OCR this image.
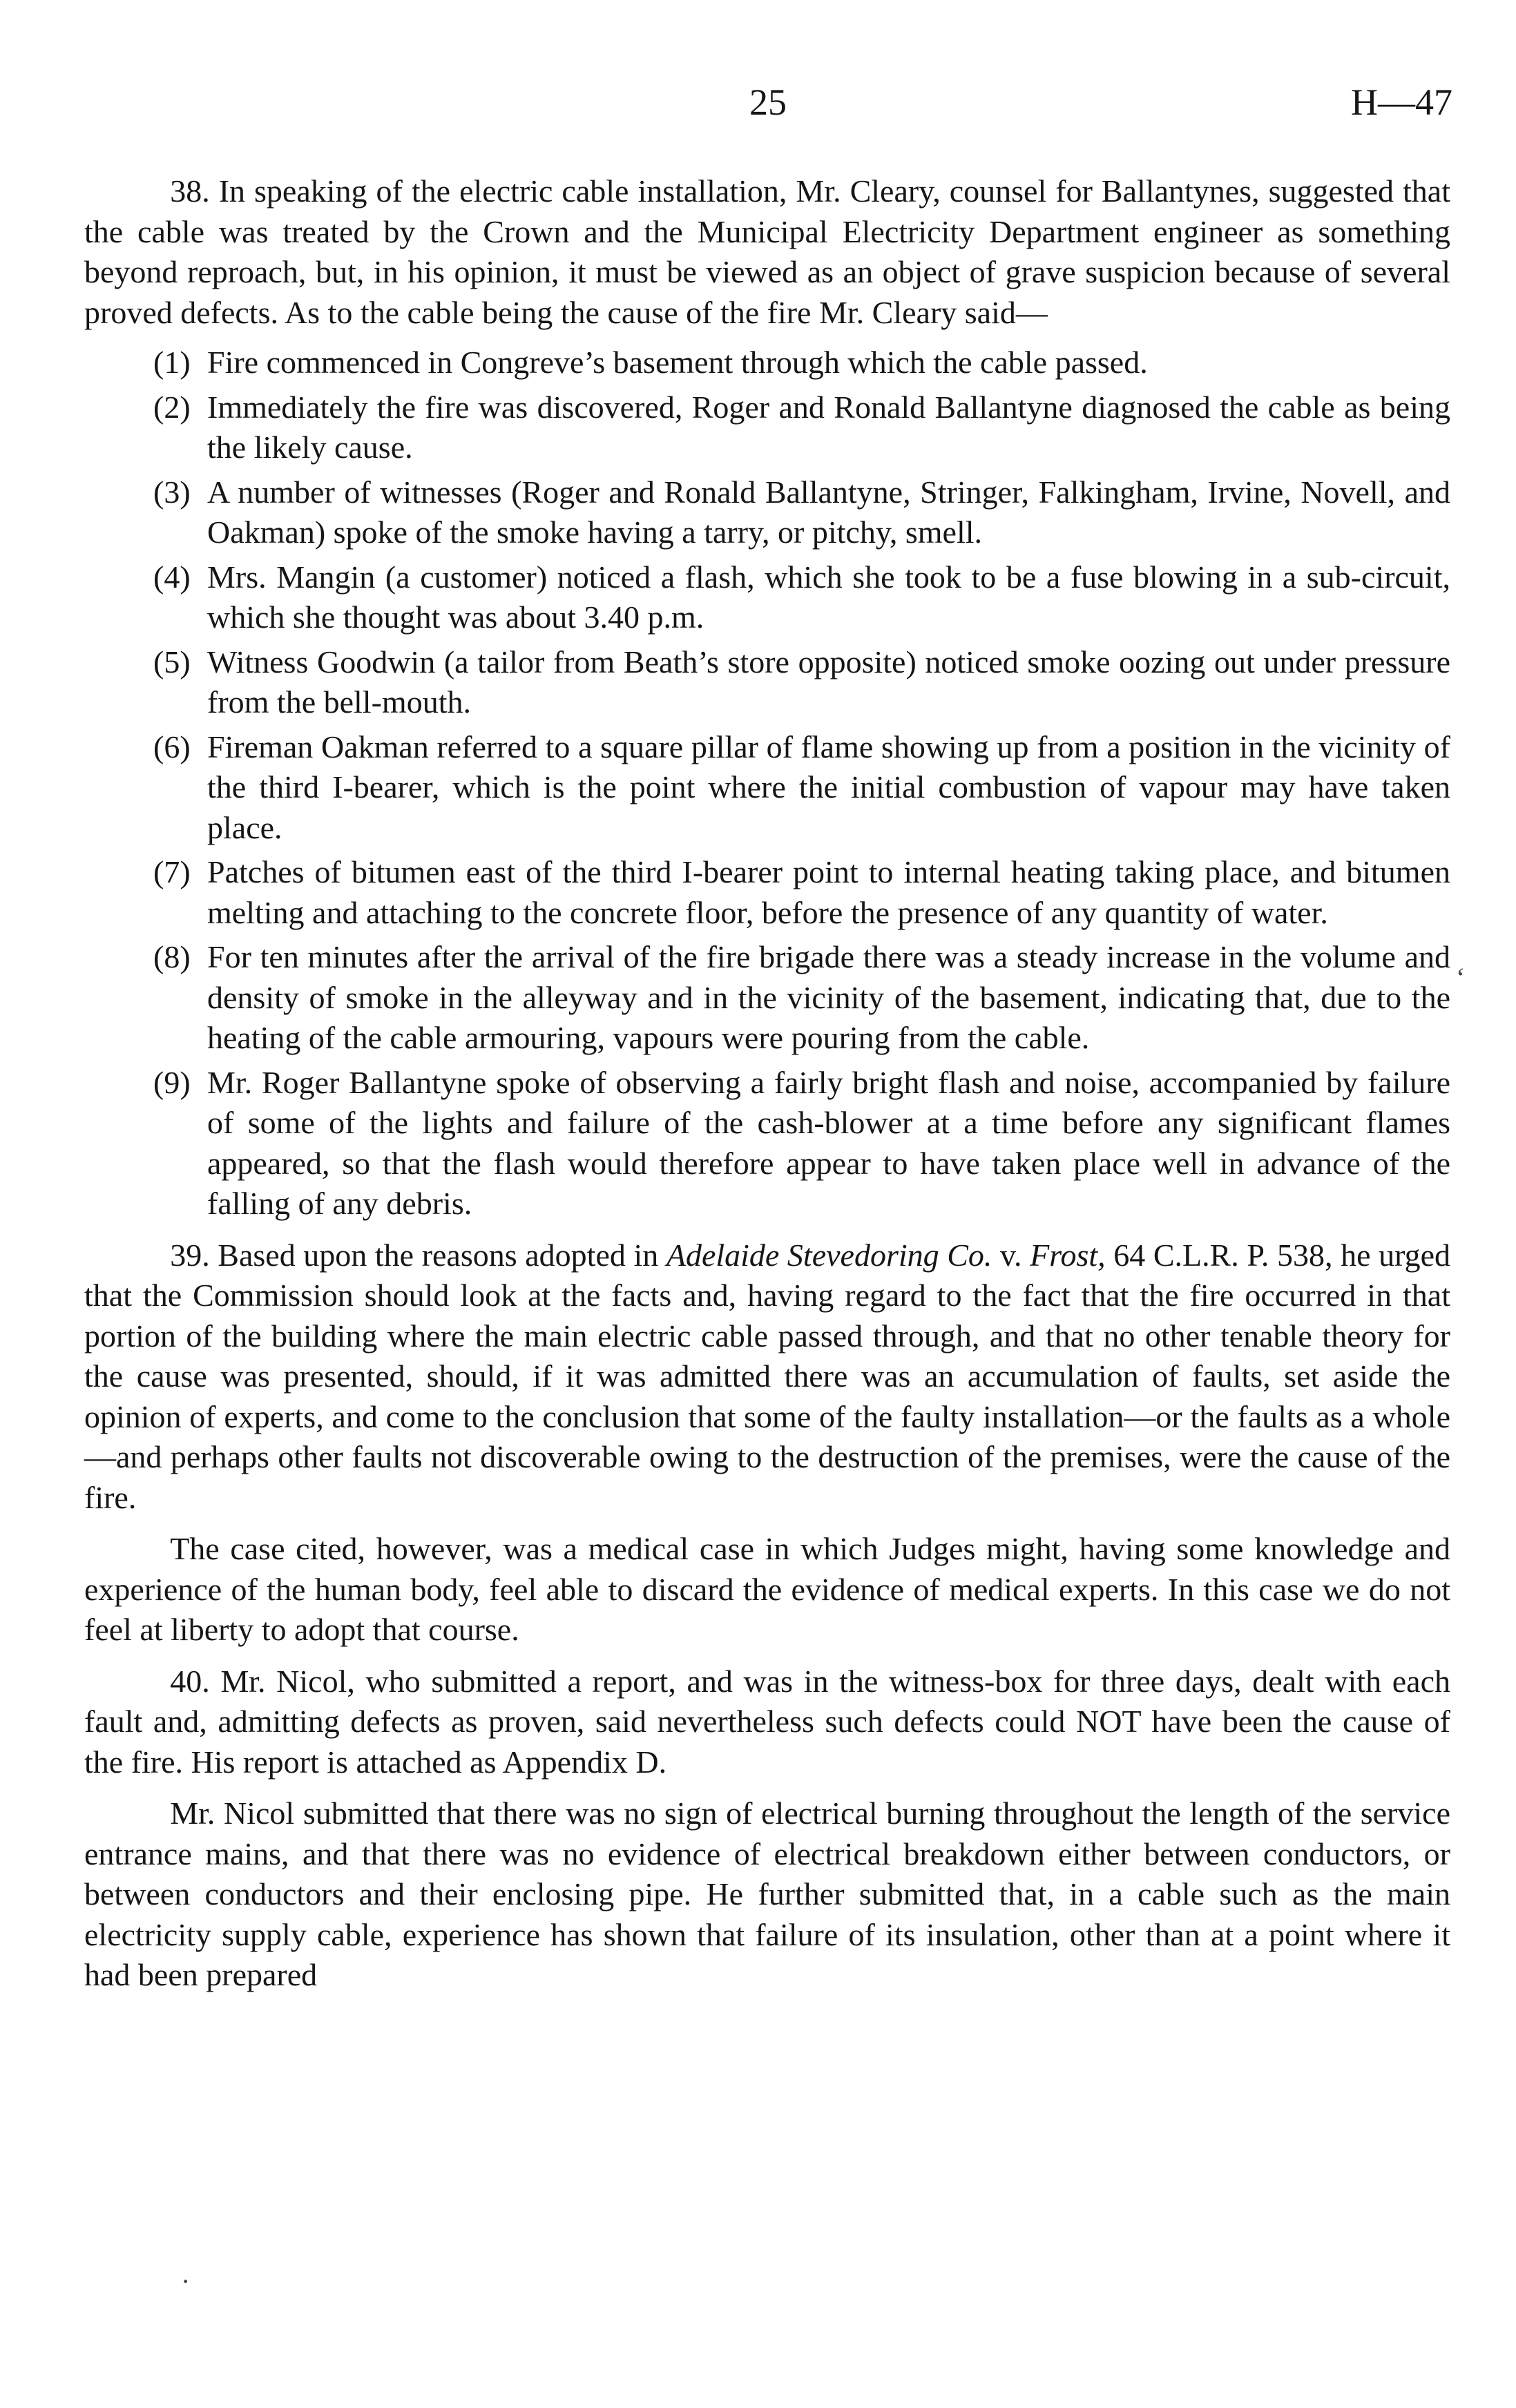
25	H—47

38. In speaking of the electric cable installation, Mr. Cleary, counsel for Ballantynes, suggested that the cable was treated by the Crown and the Municipal Electricity Department engineer as something beyond reproach, but, in his opinion, it must be viewed as an object of grave suspicion because of several proved defects. As to the cable being the cause of the fire Mr. Cleary said—

(1) Fire commenced in Congreve’s basement through which the cable passed.
(2) Immediately the fire was discovered, Roger and Ronald Ballantyne diagnosed the cable as being the likely cause.
(3) A number of witnesses (Roger and Ronald Ballantyne, Stringer, Falkingham, Irvine, Novell, and Oakman) spoke of the smoke having a tarry, or pitchy, smell.
(4) Mrs. Mangin (a customer) noticed a flash, which she took to be a fuse blowing in a sub-circuit, which she thought was about 3.40 p.m.
(5) Witness Goodwin (a tailor from Beath’s store opposite) noticed smoke oozing out under pressure from the bell-mouth.
(6) Fireman Oakman referred to a square pillar of flame showing up from a position in the vicinity of the third I-bearer, which is the point where the initial combustion of vapour may have taken place.
(7) Patches of bitumen east of the third I-bearer point to internal heating taking place, and bitumen melting and attaching to the concrete floor, before the presence of any quantity of water.
(8) For ten minutes after the arrival of the fire brigade there was a steady increase in the volume and density of smoke in the alleyway and in the vicinity of the basement, indicating that, due to the heating of the cable armouring, vapours were pouring from the cable.
(9) Mr. Roger Ballantyne spoke of observing a fairly bright flash and noise, accompanied by failure of some of the lights and failure of the cash-blower at a time before any significant flames appeared, so that the flash would therefore appear to have taken place well in advance of the falling of any debris.

39. Based upon the reasons adopted in Adelaide Stevedoring Co. v. Frost, 64 C.L.R. P. 538, he urged that the Commission should look at the facts and, having regard to the fact that the fire occurred in that portion of the building where the main electric cable passed through, and that no other tenable theory for the cause was presented, should, if it was admitted there was an accumulation of faults, set aside the opinion of experts, and come to the conclusion that some of the faulty installation—or the faults as a whole—and perhaps other faults not discoverable owing to the destruction of the premises, were the cause of the fire.

The case cited, however, was a medical case in which Judges might, having some knowledge and experience of the human body, feel able to discard the evidence of medical experts. In this case we do not feel at liberty to adopt that course.

40. Mr. Nicol, who submitted a report, and was in the witness-box for three days, dealt with each fault and, admitting defects as proven, said nevertheless such defects could NOT have been the cause of the fire. His report is attached as Appendix D.

Mr. Nicol submitted that there was no sign of electrical burning throughout the length of the service entrance mains, and that there was no evidence of electrical breakdown either between conductors, or between conductors and their enclosing pipe. He further submitted that, in a cable such as the main electricity supply cable, experience has shown that failure of its insulation, other than at a point where it had been prepared

‘
·
